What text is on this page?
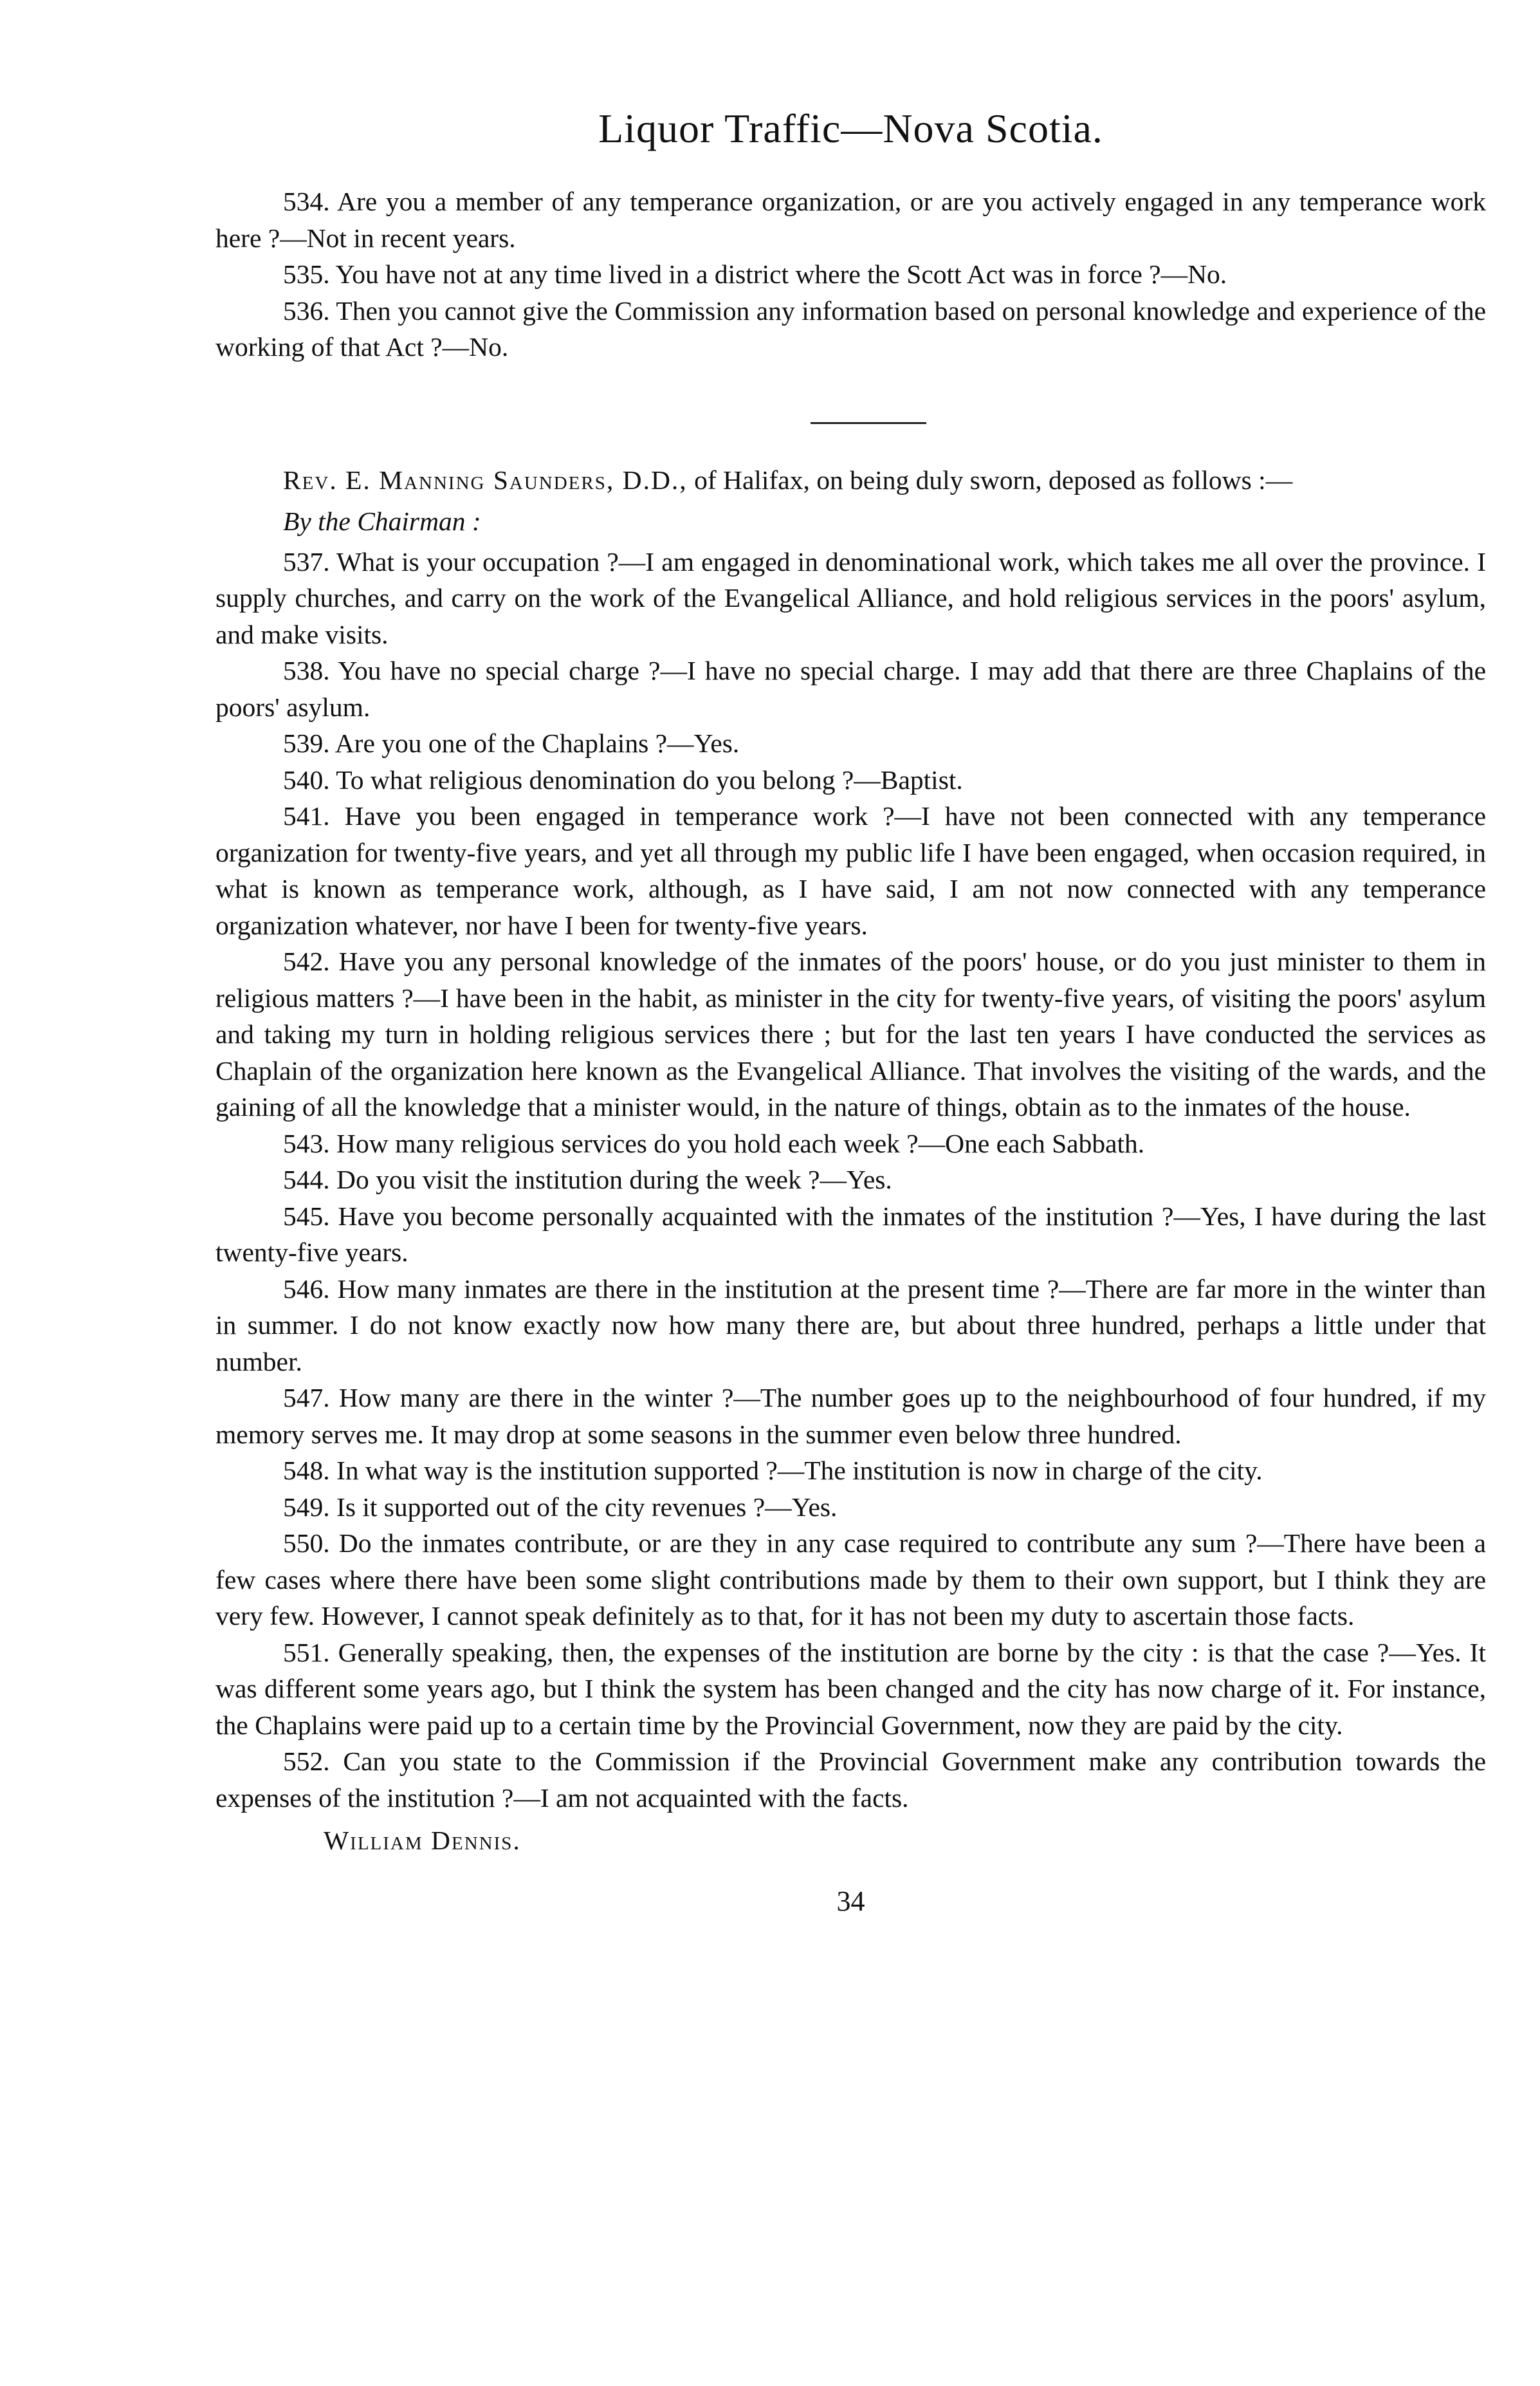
Liquor Traffic—Nova Scotia.

534. Are you a member of any temperance organization, or are you actively engaged in any temperance work here ?—Not in recent years.

535. You have not at any time lived in a district where the Scott Act was in force ?—No.

536. Then you cannot give the Commission any information based on personal knowledge and experience of the working of that Act ?—No.

Rev. E. Manning Saunders, D.D., of Halifax, on being duly sworn, deposed as follows :—

By the Chairman :

537. What is your occupation ?—I am engaged in denominational work, which takes me all over the province. I supply churches, and carry on the work of the Evangelical Alliance, and hold religious services in the poors' asylum, and make visits.

538. You have no special charge ?—I have no special charge. I may add that there are three Chaplains of the poors' asylum.

539. Are you one of the Chaplains ?—Yes.

540. To what religious denomination do you belong ?—Baptist.

541. Have you been engaged in temperance work ?—I have not been connected with any temperance organization for twenty-five years, and yet all through my public life I have been engaged, when occasion required, in what is known as temperance work, although, as I have said, I am not now connected with any temperance organization whatever, nor have I been for twenty-five years.

542. Have you any personal knowledge of the inmates of the poors' house, or do you just minister to them in religious matters ?—I have been in the habit, as minister in the city for twenty-five years, of visiting the poors' asylum and taking my turn in holding religious services there ; but for the last ten years I have conducted the services as Chaplain of the organization here known as the Evangelical Alliance. That involves the visiting of the wards, and the gaining of all the knowledge that a minister would, in the nature of things, obtain as to the inmates of the house.

543. How many religious services do you hold each week ?—One each Sabbath.

544. Do you visit the institution during the week ?—Yes.

545. Have you become personally acquainted with the inmates of the institution ?—Yes, I have during the last twenty-five years.

546. How many inmates are there in the institution at the present time ?—There are far more in the winter than in summer. I do not know exactly now how many there are, but about three hundred, perhaps a little under that number.

547. How many are there in the winter ?—The number goes up to the neighbourhood of four hundred, if my memory serves me. It may drop at some seasons in the summer even below three hundred.

548. In what way is the institution supported ?—The institution is now in charge of the city.

549. Is it supported out of the city revenues ?—Yes.

550. Do the inmates contribute, or are they in any case required to contribute any sum ?—There have been a few cases where there have been some slight contributions made by them to their own support, but I think they are very few. However, I cannot speak definitely as to that, for it has not been my duty to ascertain those facts.

551. Generally speaking, then, the expenses of the institution are borne by the city : is that the case ?—Yes. It was different some years ago, but I think the system has been changed and the city has now charge of it. For instance, the Chaplains were paid up to a certain time by the Provincial Government, now they are paid by the city.

552. Can you state to the Commission if the Provincial Government make any contribution towards the expenses of the institution ?—I am not acquainted with the facts.

William Dennis.
34
